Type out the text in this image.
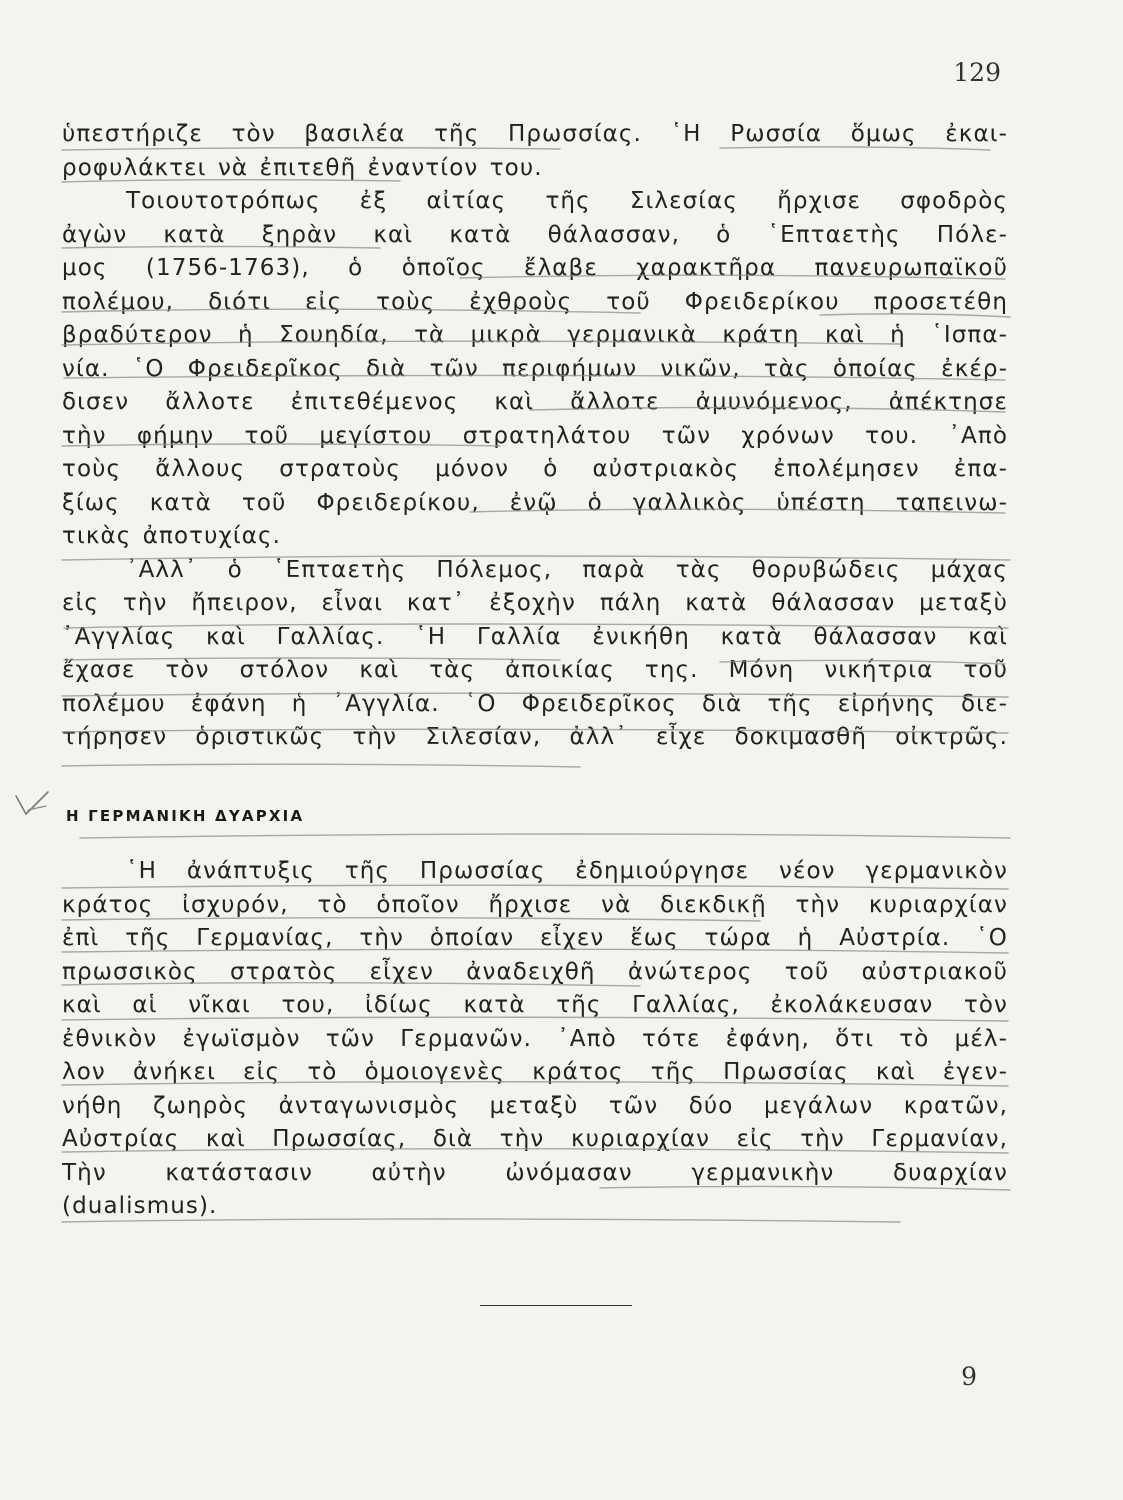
129
ὑπεστήριζε τὸν βασιλέα τῆς Πρωσσίας. ῾Η Ρωσσία ὅμως ἐκαι-
ροφυλάκτει νὰ ἐπιτεθῆ ἐναντίον του.
Τοιουτοτρόπως ἐξ αἰτίας τῆς Σιλεσίας ἤρχισε σφοδρὸς
ἀγὼν κατὰ ξηρὰν καὶ κατὰ θάλασσαν, ὁ ῾Επταετὴς Πόλε-
μος (1756-1763), ὁ ὁποῖος ἔλαβε χαρακτῆρα πανευρωπαϊκοῦ
πολέμου, διότι εἰς τοὺς ἐχθροὺς τοῦ Φρειδερίκου προσετέθη
βραδύτερον ἡ Σουηδία, τὰ μικρὰ γερμανικὰ κράτη καὶ ἡ ῾Ισπα-
νία. ῾Ο Φρειδερῖκος διὰ τῶν περιφήμων νικῶν, τὰς ὁποίας ἐκέρ-
δισεν ἄλλοτε ἐπιτεθέμενος καὶ ἄλλοτε ἀμυνόμενος, ἀπέκτησε
τὴν φήμην τοῦ μεγίστου στρατηλάτου τῶν χρόνων του. ᾿Απὸ
τοὺς ἄλλους στρατοὺς μόνον ὁ αὐστριακὸς ἐπολέμησεν ἐπα-
ξίως κατὰ τοῦ Φρειδερίκου, ἐνῷ ὁ γαλλικὸς ὑπέστη ταπεινω-
τικὰς ἀποτυχίας.
᾿Αλλ᾿ ὁ ῾Επταετὴς Πόλεμος, παρὰ τὰς θορυβώδεις μάχας
εἰς τὴν ἤπειρον, εἶναι κατ᾿ ἐξοχὴν πάλη κατὰ θάλασσαν μεταξὺ
᾿Αγγλίας καὶ Γαλλίας. ῾Η Γαλλία ἐνικήθη κατὰ θάλασσαν καὶ
ἔχασε τὸν στόλον καὶ τὰς ἀποικίας της. Μόνη νικήτρια τοῦ
πολέμου ἐφάνη ἡ ᾿Αγγλία. ῾Ο Φρειδερῖκος διὰ τῆς εἰρήνης διε-
τήρησεν ὁριστικῶς τὴν Σιλεσίαν, ἀλλ᾿ εἶχε δοκιμασθῆ οἰκτρῶς.
Η ΓΕΡΜΑΝΙΚΗ ΔΥΑΡΧΙΑ
῾Η ἀνάπτυξις τῆς Πρωσσίας ἐδημιούργησε νέον γερμανικὸν
κράτος ἰσχυρόν, τὸ ὁποῖον ἤρχισε νὰ διεκδικῇ τὴν κυριαρχίαν
ἐπὶ τῆς Γερμανίας, τὴν ὁποίαν εἶχεν ἕως τώρα ἡ Αὐστρία. ῾Ο
πρωσσικὸς στρατὸς εἶχεν ἀναδειχθῆ ἀνώτερος τοῦ αὐστριακοῦ
καὶ αἱ νῖκαι του, ἰδίως κατὰ τῆς Γαλλίας, ἐκολάκευσαν τὸν
ἐθνικὸν ἐγωϊσμὸν τῶν Γερμανῶν. ᾿Απὸ τότε ἐφάνη, ὅτι τὸ μέλ-
λον ἀνήκει εἰς τὸ ὁμοιογενὲς κράτος τῆς Πρωσσίας καὶ ἐγεν-
νήθη ζωηρὸς ἀνταγωνισμὸς μεταξὺ τῶν δύο μεγάλων κρατῶν,
Αὐστρίας καὶ Πρωσσίας, διὰ τὴν κυριαρχίαν εἰς τὴν Γερμανίαν,
Τὴν κατάστασιν αὐτὴν ὠνόμασαν γερμανικὴν δυαρχίαν
(dualismus).
9
